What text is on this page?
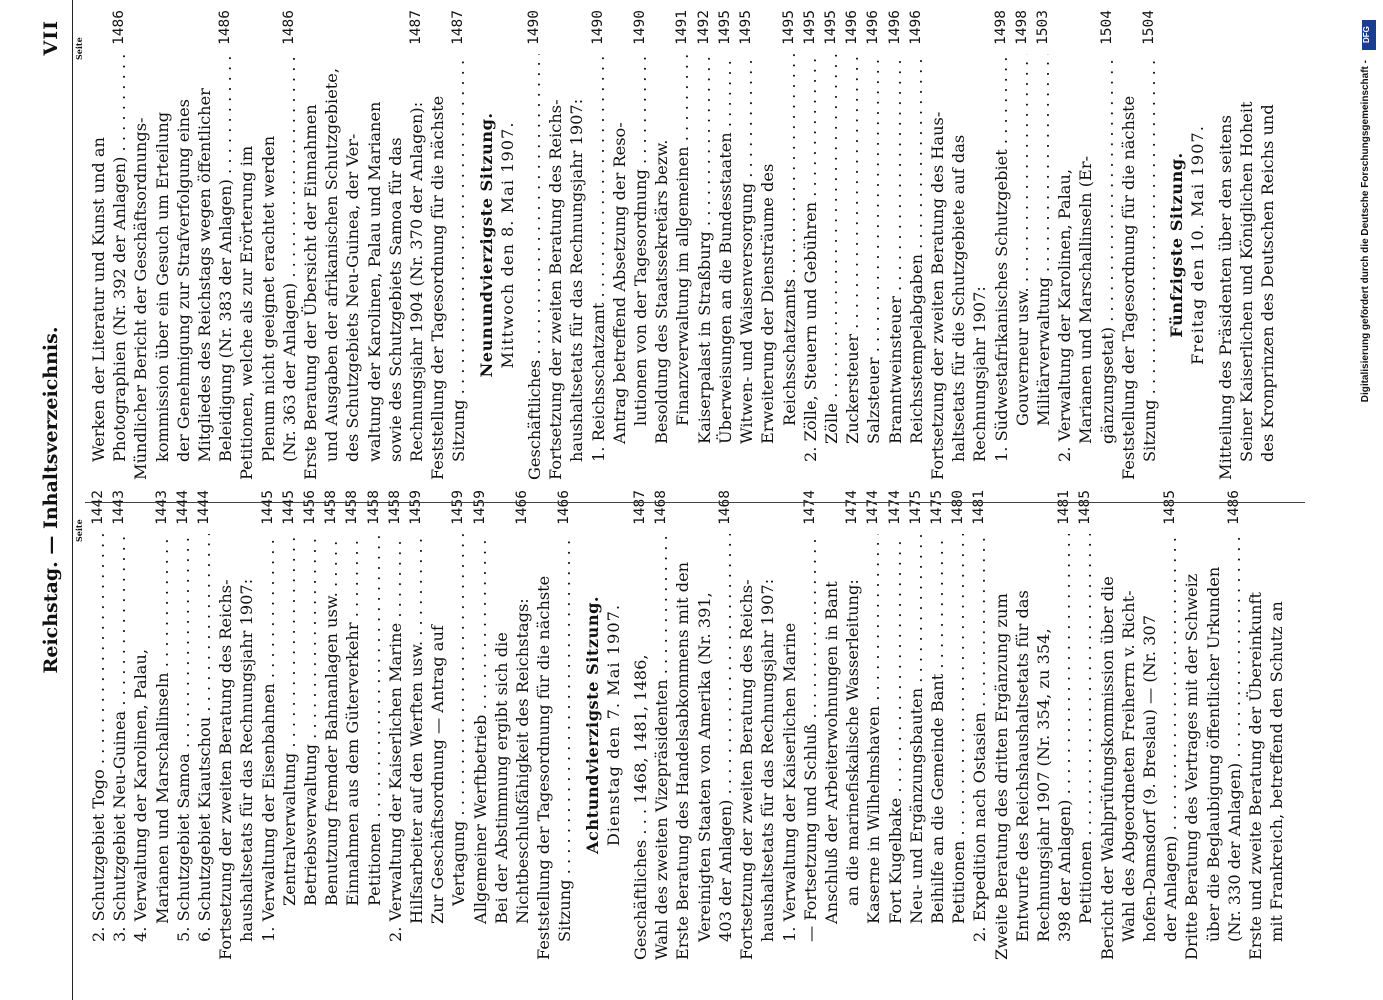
Reichstag. — Inhaltsverzeichnis.
VII
Seite
Seite
2. Schutzgebiet Togo . . .
1442
3. Schutzgebiet Neu-Guinea . . .
1443
4. Verwaltung der Karolinen, Palau, Marianen und Marschallinseln . . .
1443
5. Schutzgebiet Samoa . . .
1444
6. Schutzgebiet Kiautschou . . .
1444
Fortsetzung der zweiten Beratung des Reichs- haushaltsetats für das Rechnungsjahr 1907: 1. Verwaltung der Eisenbahnen . . .
1445
Zentralverwaltung . . .
1445
Betriebsverwaltung . . .
1456
Benutzung fremder Bahnanlagen usw. . . .
1458
Einnahmen aus dem Güterverkehr . . .
1458
Petitionen . . .
1458
2. Verwaltung der Kaiserlichen Marine . . .
1458
Hilfsarbeiter auf den Werften usw. . . .
1459
Zur Geschäftsordnung — Antrag auf Vertagung . . .
1459
Allgemeiner Werftbetrieb . . .
1459
Bei der Abstimmung ergibt sich die Nichtbeschlußfähigkeit des Reichstags:
1466
Feststellung der Tagesordnung für die nächste Sitzung . . .
1466
Achtundvierzigste Sitzung. Dienstag den 7. Mai 1907. Geschäftliches . . . 1468, 1481, 1486,
1487
Wahl des zweiten Vizepräsidenten . . .
1468
Erste Beratung des Handelsabkommens mit den Vereinigten Staaten von Amerika (Nr. 391, 403 der Anlagen) . . .
1468
Fortsetzung der zweiten Beratung des Reichs- haushaltsetats für das Rechnungsjahr 1907: 1. Verwaltung der Kaiserlichen Marine — Fortsetzung und Schluß . . .
1474
Anschluß der Arbeiterwohnungen in Bant an die marinefiskalische Wasserleitung:
1474
Kaserne in Wilhelmshaven . . .
1474
Fort Kugelbake . . .
1474
Neu- und Ergänzungsbauten . . .
1475
Beihilfe an die Gemeinde Bant . . .
1475
Petitionen . . .
1480
2. Expedition nach Ostasien . . .
1481
Zweite Beratung des dritten Ergänzung zum Entwurfe des Reichshaushaltsetats für das Rechnungsjahr 1907 (Nr. 354, zu 354, 398 der Anlagen) . . .
1481
Petitionen . . .
1485
Bericht der Wahlprüfungskommission über die Wahl des Abgeordneten Freiherrn v. Richt- hofen-Damsdorf (9. Breslau) — (Nr. 307 der Anlagen) . . .
1485
Dritte Beratung des Vertrages mit der Schweiz über die Beglaubigung öffentlicher Urkunden (Nr. 330 der Anlagen) . . .
1486
Erste und zweite Beratung der Übereinkunft mit Frankreich, betreffend den Schutz an
Werken der Literatur und Kunst und an Photographien (Nr. 392 der Anlagen) . . .
1486
Mündlicher Bericht der Geschäftsordnungs- kommission über ein Gesuch um Erteilung der Genehmigung zur Strafverfolgung eines Mitgliedes des Reichstags wegen öffentlicher Beleidigung (Nr. 383 der Anlagen) . . .
1486
Petitionen, welche als zur Erörterung im Plenum nicht geeignet erachtet werden (Nr. 363 der Anlagen) . . .
1486
Erste Beratung der Übersicht der Einnahmen und Ausgaben der afrikanischen Schutzgebiete, des Schutzgebiets Neu-Guinea, der Ver- waltung der Karolinen, Palau und Marianen sowie des Schutzgebiets Samoa für das Rechnungsjahr 1904 (Nr. 370 der Anlagen):
1487
Feststellung der Tagesordnung für die nächste Sitzung . . .
1487
Neunundvierzigste Sitzung. Mittwoch den 8. Mai 1907.
Geschäftliches . . .
1490
Fortsetzung der zweiten Beratung des Reichs- haushaltsetats für das Rechnungsjahr 1907: 1. Reichsschatzamt . . .
1490
Antrag betreffend Absetzung der Reso- lutionen von der Tagesordnung . . .
1490
Besoldung des Staatssekretärs bezw. Finanzverwaltung im allgemeinen . . .
1491
Kaiserpalast in Straßburg . . .
1492
Überweisungen an die Bundesstaaten . . .
1495
Witwen- und Waisenversorgung . . .
1495
Erweiterung der Diensträume des Reichsschatzamts . . .
1495
2. Zölle, Steuern und Gebühren . . .
1495
Zölle . . .
1495
Zuckersteuer . . .
1496
Salzsteuer . . .
1496
Branntweinsteuer . . .
1496
Reichsstempelabgaben . . .
1496
Fortsetzung der zweiten Beratung des Haus- haltsetats für die Schutzgebiete auf das Rechnungsjahr 1907: 1. Südwestafrikanisches Schutzgebiet . . .
1498
Gouverneur usw. . . .
1498
Militärverwaltung . . .
1503
2. Verwaltung der Karolinen, Palau, Marianen und Marschallinseln (Er- gänzungsetat) . . .
1504
Feststellung der Tagesordnung für die nächste Sitzung . . .
1504
Fünfzigste Sitzung. Freitag den 10. Mai 1907. Mitteilung des Präsidenten über den seitens Seiner Kaiserlichen und Königlichen Hoheit des Kronprinzen des Deutschen Reichs und
DFG
Digitalisierung gefördert durch die Deutsche Forschungsgemeinschaft -
